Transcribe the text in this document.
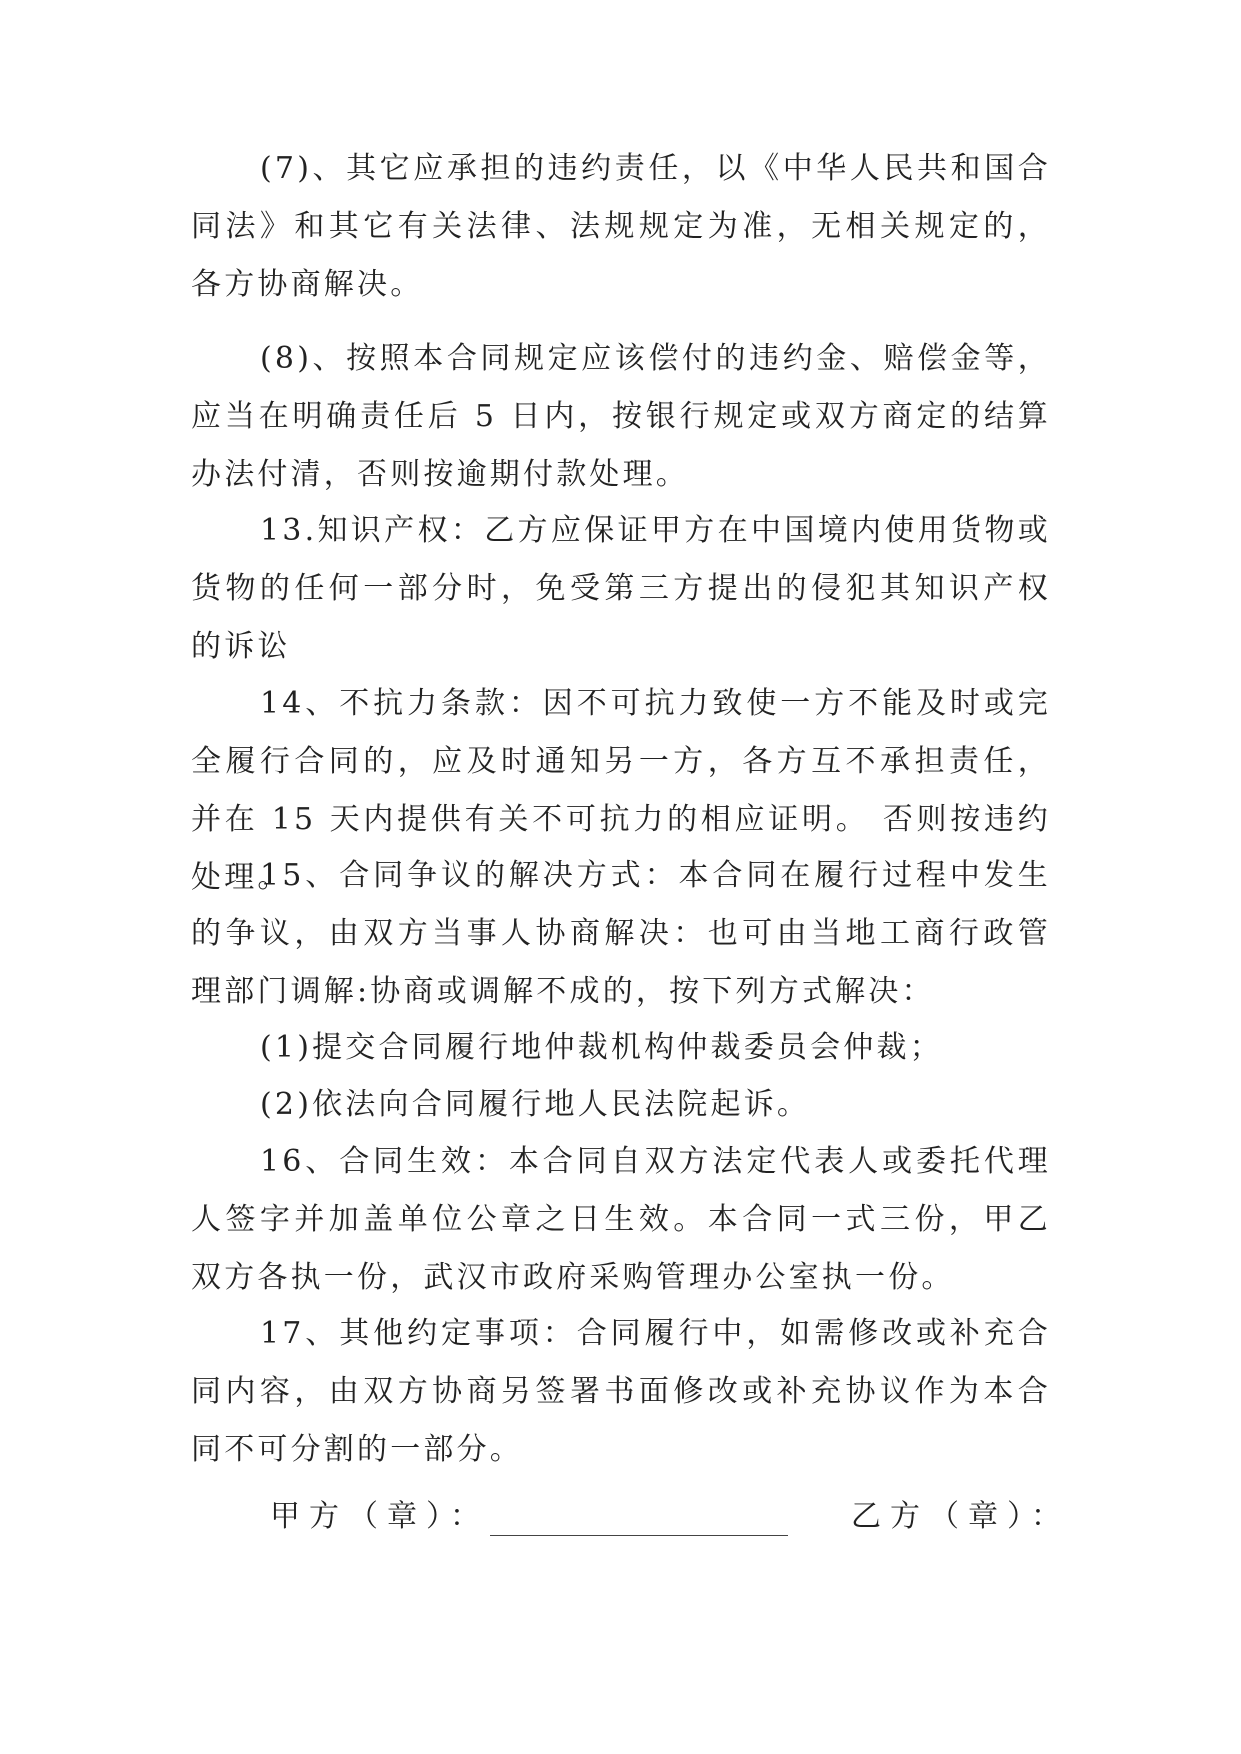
(7)、其它应承担的违约责任，以《中华人民共和国合同法》和其它有关法律、法规规定为准，无相关规定的，各方协商解决。

(8)、按照本合同规定应该偿付的违约金、赔偿金等，应当在明确责任后 5 日内，按银行规定或双方商定的结算办法付清，否则按逾期付款处理。

13.知识产权：乙方应保证甲方在中国境内使用货物或货物的任何一部分时，免受第三方提出的侵犯其知识产权的诉讼

14、不抗力条款：因不可抗力致使一方不能及时或完全履行合同的，应及时通知另一方，各方互不承担责任，并在 15 天内提供有关不可抗力的相应证明。 否则按违约处理。

15、合同争议的解决方式：本合同在履行过程中发生的争议，由双方当事人协商解决：也可由当地工商行政管理部门调解:协商或调解不成的，按下列方式解决：

(1)提交合同履行地仲裁机构仲裁委员会仲裁；

(2)依法向合同履行地人民法院起诉。

16、合同生效：本合同自双方法定代表人或委托代理人签字并加盖单位公章之日生效。本合同一式三份，甲乙双方各执一份，武汉市政府采购管理办公室执一份。

17、其他约定事项：合同履行中，如需修改或补充合同内容，由双方协商另签署书面修改或补充协议作为本合同不可分割的一部分。

甲方（章）：	乙方（章）：
